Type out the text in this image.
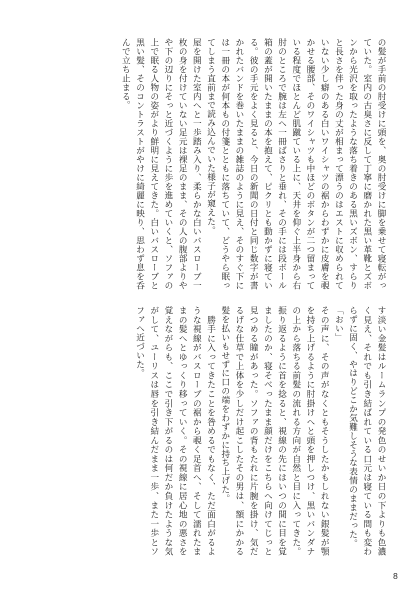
の髪が手前の肘受けに頭を、奥の肘受けに脚を乗せて寝転がっていた。室内の古臭さに反して丁寧に磨かれた黒い革靴とズボンから光沢を取ったような落ち着きのある黒いズボン、すらりと長さを伴った身の丈が相まって漂うのはエストに収められていない少し癖のある白いワイシャツの裾からわずかに皮膚を覗かせる腰部、そのワイシャツも中ほどのボタンが二つ留まっている程度でほとんど肌蹴ている上に、天井を仰ぐ上半身から右肘のところで腕は左へ一冊ばさりと垂れ、その手には段ボール箱の蓋が開いたままの本を抱えて、ピクリとも動かずに寝ている。彼の手元をよく見ると、今日の新聞の日付と同じ数字が書かれたバンドを巻いたままの雑誌のように見え、そのすぐ下には一冊の本が何本もの付箋とともに落ちていて、どうやら眠ってしまう直前まで読み込んでいた様子が窺えた。

屋を開けた室内へと一歩踏み入り、柔らかな白いバスローブ一枚の身を付けていない足元は裸足のまま、その人の腹部よりやや下の辺りにそっと近づくように歩を進めていくと、ソファの上で眠る人物の姿がより鮮明に見えてきた。白いバスローブと黒い髪、そのコントラストがやけに綺麗に映り、思わず息を呑んで立ち止まる。

す淡い金髪はルームランプの発色のせいか日の下よりも色濃く見え、それでも引き結ばれている口元は寝ている間も変わらずに固く、やはりどこか気難しそうな表情のままだった。

「おい」

その声に、その声がなくともそうしたかもしれない銀髪が顎を持ち上げるように肘掛けへと頭を押しつけ、黒いバンダナの上から落ちる前髪の流れる方向が自然と目に入ってきた。振り返るように首を捻ると、視線の先にはいつの間に目を覚ましたのか、寝そべったまま顔だけをこちらへ向けてじっと見つめる瞳があった。ソファの背もたれに片腕を掛け、気だるげな仕草で上体を少しだけ起こしたその男は、額にかかる髪を払いもせずに口の端をわずかに持ち上げた。

　勝手に入ってきたことを咎めるでもなく、ただ面白がるような視線がバスローブの裾から覗く足首へ、そして濡れたままの髪へとゆっくり移っていく。その視線に居心地の悪さを覚えながらも、ここで引き下がるのは何だか負けたような気がして、ユーリスは唇を引き結んだまま一歩、また一歩とソファへ近づいた。

8
